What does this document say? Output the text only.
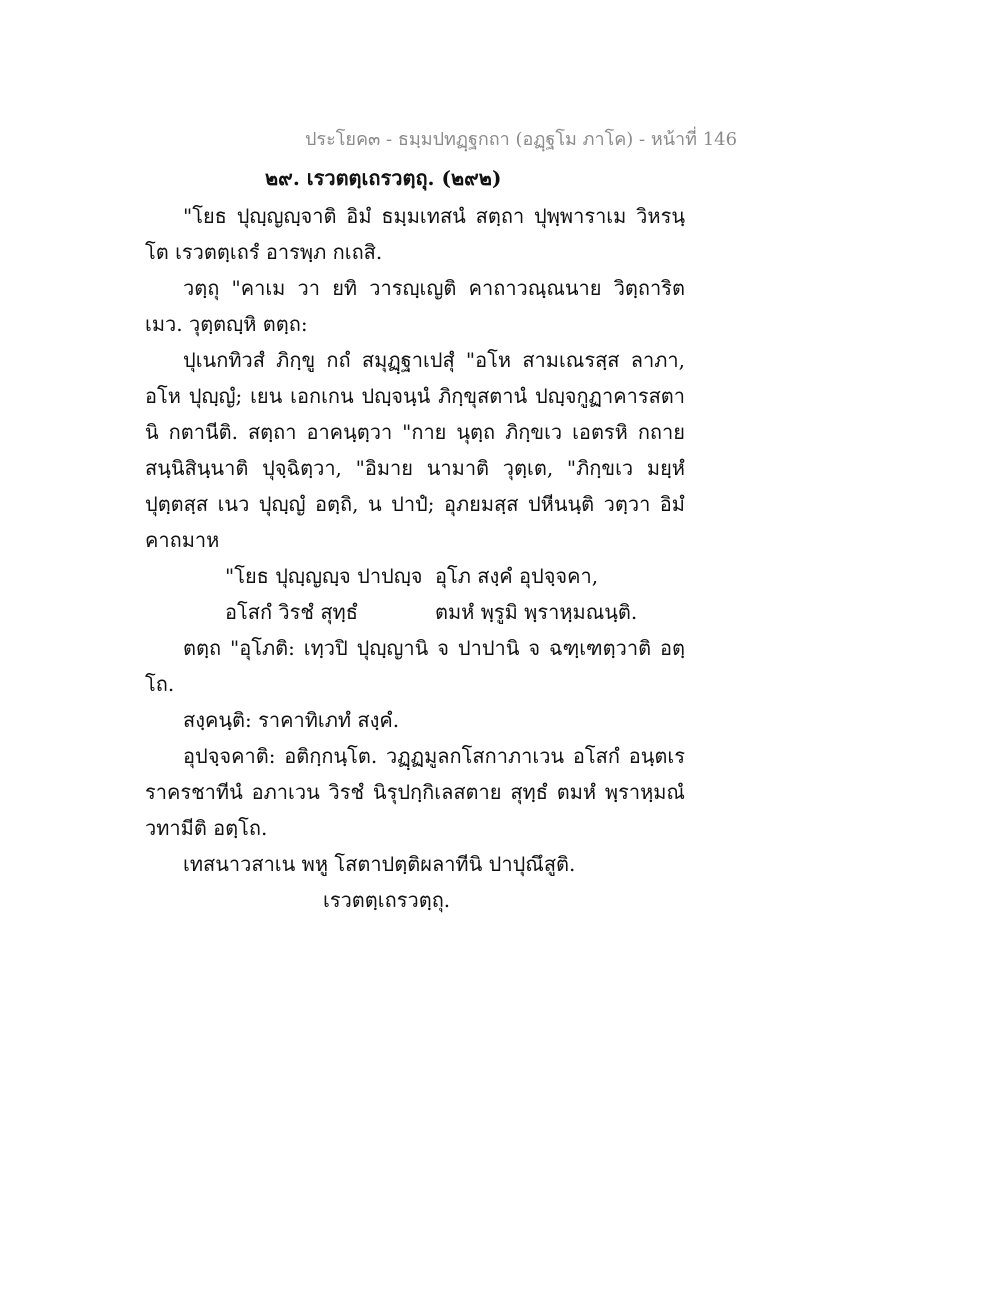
ประโยค๓ - ธมฺมปทฏฺฐกถา (อฏฺฐโม ภาโค) - หน้าที่ 146
๒๙. เรวตตฺเถรวตฺถุ. (๒๙๒)

"โยธ ปุญฺญญฺจาติ อิมํ ธมฺมเทสนํ สตฺถา ปุพฺพาราเม วิหรนฺโต เรวตตฺเถรํ อารพฺภ กเถสิ.

วตฺถุ "คาเม วา ยทิ วารญฺเญติ คาถาวณฺณนาย วิตฺถาริตเมว. วุตฺตญฺหิ ตตฺถ:

ปุเนกทิวสํ ภิกฺขู กถํ สมุฏฺฐาเปสุํ "อโห สามเณรสฺส ลาภา, อโห ปุญฺญํ; เยน เอกเกน ปญฺจนฺนํ ภิกฺขุสตานํ ปญฺจกูฏาคารสตานิ กตานีติ. สตฺถา อาคนฺตฺวา "กาย นุตฺถ ภิกฺขเว เอตรหิ กถาย สนฺนิสินฺนาติ ปุจฺฉิตฺวา, "อิมาย นามาติ วุตฺเต, "ภิกฺขเว มยฺหํ ปุตฺตสฺส เนว ปุญฺญํ อตฺถิ, น ปาปํ; อุภยมสฺส ปหีนนฺติ วตฺวา อิมํ คาถมาห

"โยธ ปุญฺญญฺจ ปาปญฺจ อุโภ สงฺคํ อุปจฺจคา,
อโสกํ วิรชํ สุทฺธํ	ตมหํ พฺรูมิ พฺราหฺมณนฺติ.

ตตฺถ "อุโภติ: เทฺวปิ ปุญฺญานิ จ ปาปานิ จ ฉฑฺเฑตฺวาติ อตฺโถ.

สงฺคนฺติ: ราคาทิเภทํ สงฺคํ.

อุปจฺจคาติ: อติกฺกนฺโต. วฏฺฏมูลกโสกาภาเวน อโสกํ อนฺตเร ราครชาทีนํ อภาเวน วิรชํ นิรุปกฺกิเลสตาย สุทฺธํ ตมหํ พฺราหฺมณํ วทามีติ อตฺโถ.

เทสนาวสาเน พหู โสตาปตฺติผลาทีนิ ปาปุณึสูติ.

เรวตตฺเถรวตฺถุ.
